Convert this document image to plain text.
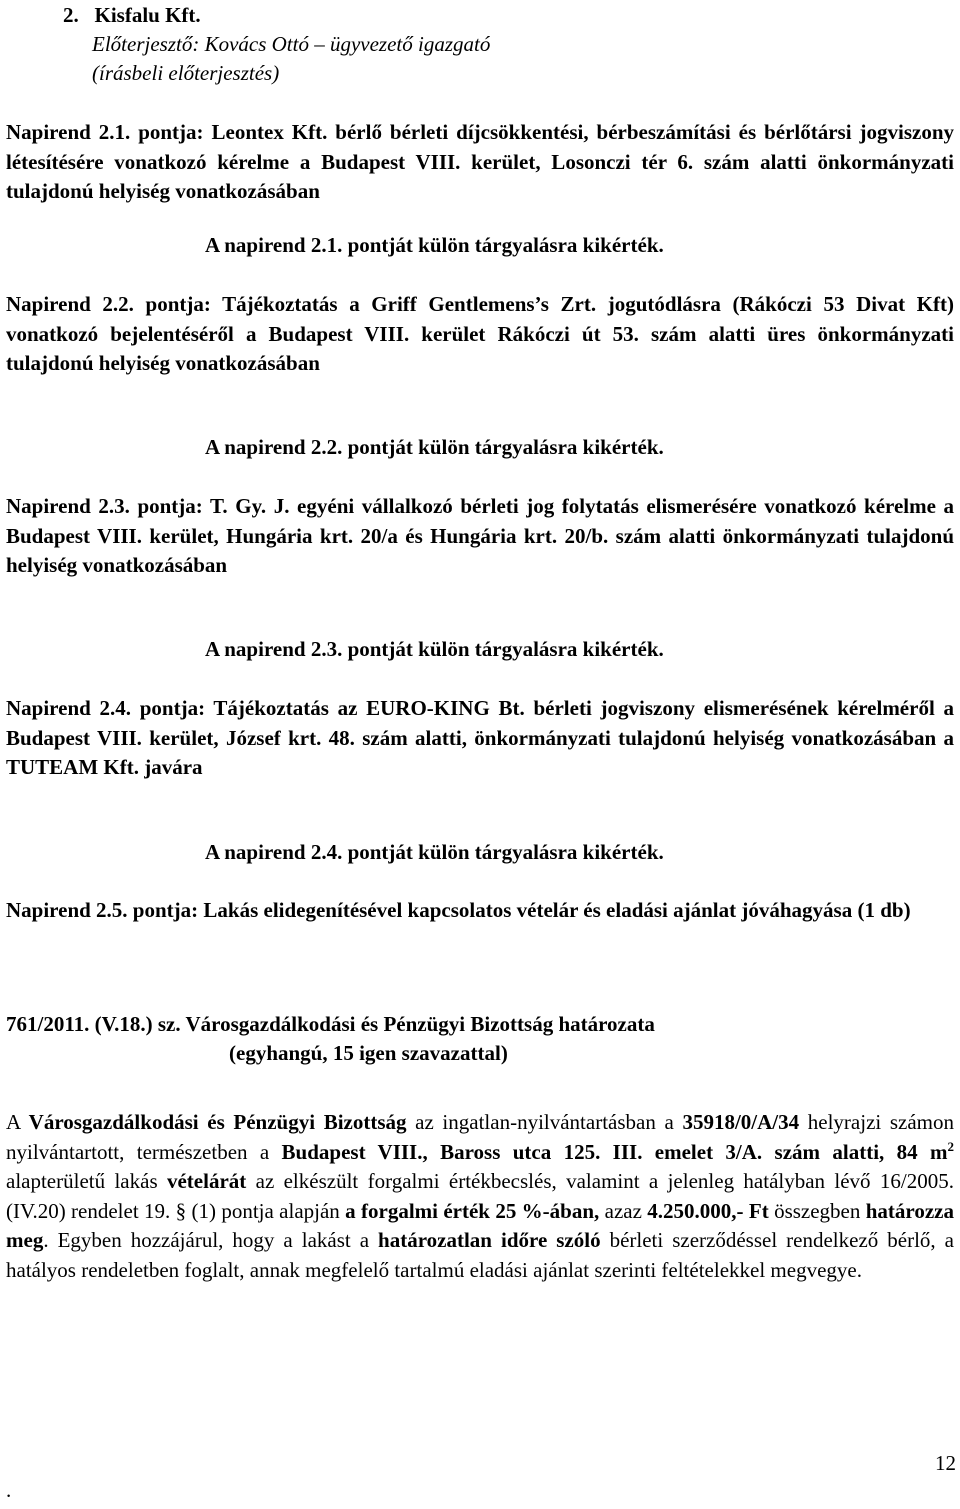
2. Kisfalu Kft.
Előterjesztő: Kovács Ottó – ügyvezető igazgató
(írásbeli előterjesztés)

Napirend 2.1. pontja: Leontex Kft. bérlő bérleti díjcsökkentési, bérbeszámítási és bérlőtársi jogviszony létesítésére vonatkozó kérelme a Budapest VIII. kerület, Losonczi tér 6. szám alatti önkormányzati tulajdonú helyiség vonatkozásában

A napirend 2.1. pontját külön tárgyalásra kikérték.

Napirend 2.2. pontja: Tájékoztatás a Griff Gentlemens’s Zrt. jogutódlásra (Rákóczi 53 Divat Kft) vonatkozó bejelentéséről a Budapest VIII. kerület Rákóczi út 53. szám alatti üres önkormányzati tulajdonú helyiség vonatkozásában

A napirend 2.2. pontját külön tárgyalásra kikérték.

Napirend 2.3. pontja: T. Gy. J. egyéni vállalkozó bérleti jog folytatás elismerésére vonatkozó kérelme a Budapest VIII. kerület, Hungária krt. 20/a és Hungária krt. 20/b. szám alatti önkormányzati tulajdonú helyiség vonatkozásában

A napirend 2.3. pontját külön tárgyalásra kikérték.

Napirend 2.4. pontja: Tájékoztatás az EURO-KING Bt. bérleti jogviszony elismerésének kérelméről a Budapest VIII. kerület, József krt. 48. szám alatti, önkormányzati tulajdonú helyiség vonatkozásában a TUTEAM Kft. javára

A napirend 2.4. pontját külön tárgyalásra kikérték.

Napirend 2.5. pontja: Lakás elidegenítésével kapcsolatos vételár és eladási ajánlat jóváhagyása (1 db)

761/2011. (V.18.) sz. Városgazdálkodási és Pénzügyi Bizottság határozata
(egyhangú, 15 igen szavazattal)

A Városgazdálkodási és Pénzügyi Bizottság az ingatlan-nyilvántartásban a 35918/0/A/34 helyrajzi számon nyilvántartott, természetben a Budapest VIII., Baross utca 125. III. emelet 3/A. szám alatti, 84 $m^2$ alapterületű lakás vételárát az elkészült forgalmi értékbecslés, valamint a jelenleg hatályban lévő 16/2005.(IV.20) rendelet 19. § (1) pontja alapján a forgalmi érték 25 %-ában, azaz 4.250.000,- Ft összegben határozza meg. Egyben hozzájárul, hogy a lakást a határozatlan időre szóló bérleti szerződéssel rendelkező bérlő, a hatályos rendeletben foglalt, annak megfelelő tartalmú eladási ajánlat szerinti feltételekkel megvegye.

12
.
